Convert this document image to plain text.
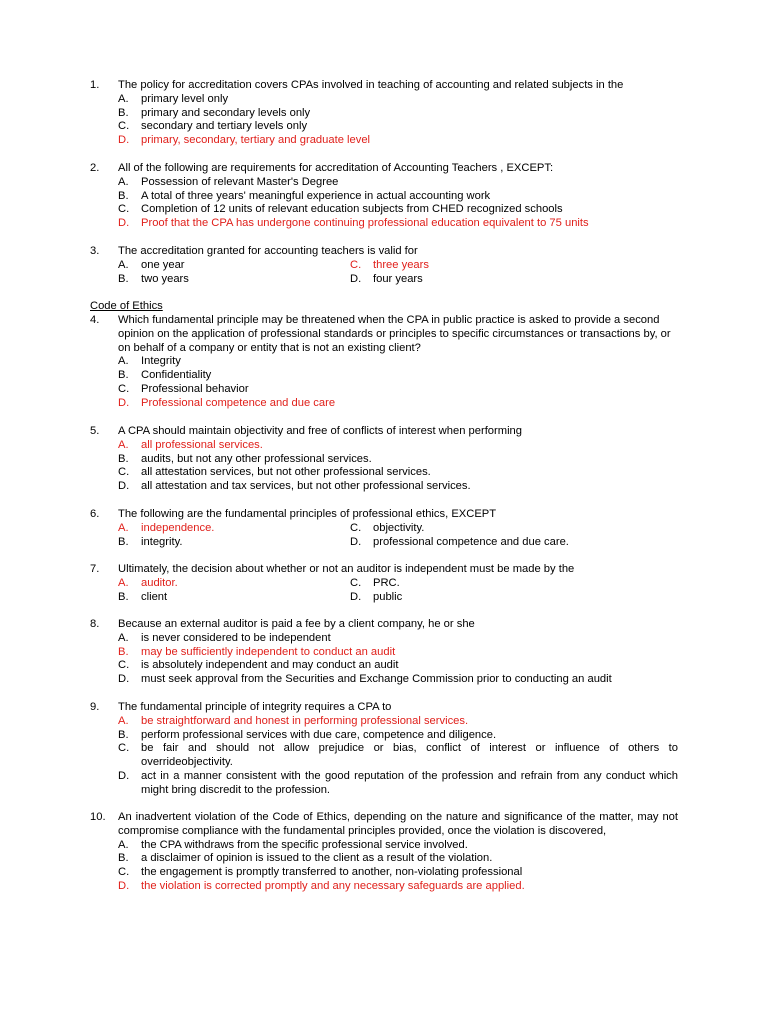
1. The policy for accreditation covers CPAs involved in teaching of accounting and related subjects in the
A. primary level only
B. primary and secondary levels only
C. secondary and tertiary levels only
D. primary, secondary, tertiary and graduate level
2. All of the following are requirements for accreditation of Accounting Teachers , EXCEPT:
A. Possession of relevant Master's Degree
B. A total of three years' meaningful experience in actual accounting work
C. Completion of 12 units of relevant education subjects from CHED recognized schools
D. Proof that the CPA has undergone continuing professional education equivalent to 75 units
3. The accreditation granted for accounting teachers is valid for
A. one year	C. three years
B. two years	D. four years
Code of Ethics
4. Which fundamental principle may be threatened when the CPA in public practice is asked to provide a second opinion on the application of professional standards or principles to specific circumstances or transactions by, or on behalf of a company or entity that is not an existing client?
A. Integrity
B. Confidentiality
C. Professional behavior
D. Professional competence and due care
5. A CPA should maintain objectivity and free of conflicts of interest when performing
A. all professional services.
B. audits, but not any other professional services.
C. all attestation services, but not other professional services.
D. all attestation and tax services, but not other professional services.
6. The following are the fundamental principles of professional ethics, EXCEPT
A. independence.	C. objectivity.
B. integrity.	D. professional competence and due care.
7. Ultimately, the decision about whether or not an auditor is independent must be made by the
A. auditor.	C. PRC.
B. client	D. public
8. Because an external auditor is paid a fee by a client company, he or she
A. is never considered to be independent
B. may be sufficiently independent to conduct an audit
C. is absolutely independent and may conduct an audit
D. must seek approval from the Securities and Exchange Commission prior to conducting an audit
9. The fundamental principle of integrity requires a CPA to
A. be straightforward and honest in performing professional services.
B. perform professional services with due care, competence and diligence.
C. be fair and should not allow prejudice or bias, conflict of interest or influence of others to
overrideobjectivity.
D. act in a manner consistent with the good reputation of the profession and refrain from any conduct which
might bring discredit to the profession.
10. An inadvertent violation of the Code of Ethics, depending on the nature and significance of the matter, may not
compromise compliance with the fundamental principles provided, once the violation is discovered,
A. the CPA withdraws from the specific professional service involved.
B. a disclaimer of opinion is issued to the client as a result of the violation.
C. the engagement is promptly transferred to another, non-violating professional
D. the violation is corrected promptly and any necessary safeguards are applied.
